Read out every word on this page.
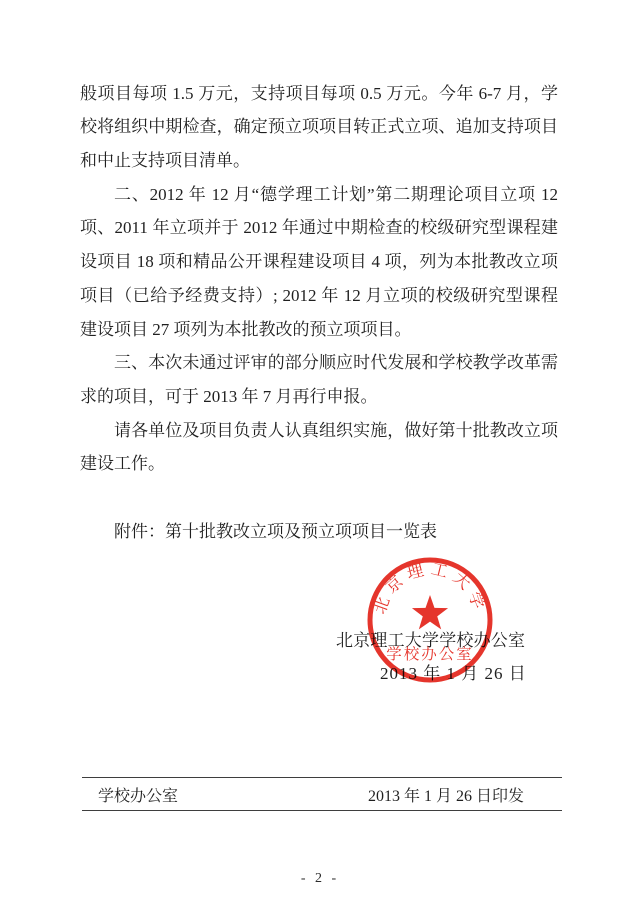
般项目每项 1.5 万元，支持项目每项 0.5 万元。今年 6-7 月，学
校将组织中期检查，确定预立项项目转正式立项、追加支持项目
和中止支持项目清单。
二、2012 年 12 月“德学理工计划”第二期理论项目立项 12
项、2011 年立项并于 2012 年通过中期检查的校级研究型课程建
设项目 18 项和精品公开课程建设项目 4 项，列为本批教改立项
项目（已给予经费支持）; 2012 年 12 月立项的校级研究型课程
建设项目 27 项列为本批教改的预立项项目。
三、本次未通过评审的部分顺应时代发展和学校教学改革需
求的项目，可于 2013 年 7 月再行申报。
请各单位及项目负责人认真组织实施，做好第十批教改立项
建设工作。
附件：第十批教改立项及预立项项目一览表
北京理工大学学校办公室
2013 年 1 月 26 日
北京理工大学
学校办公室
学校办公室	2013 年 1 月 26 日印发
- 2 -
